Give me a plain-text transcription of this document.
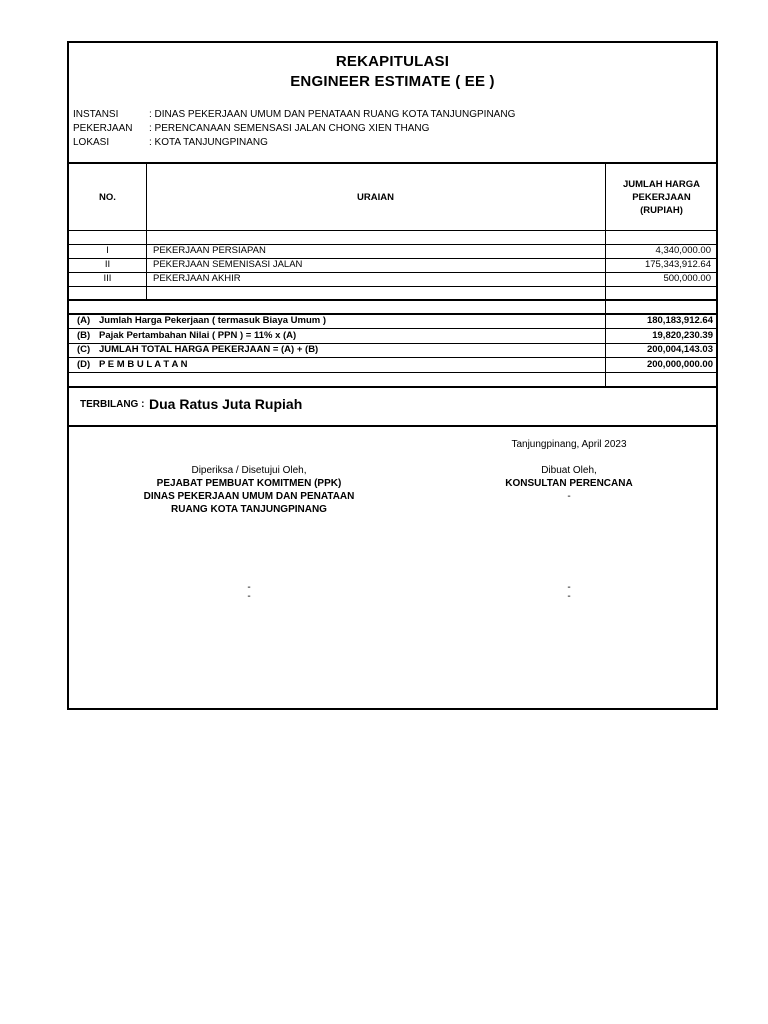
REKAPITULASI
ENGINEER ESTIMATE ( EE )
INSTANSI	: DINAS PEKERJAAN UMUM DAN PENATAAN RUANG KOTA TANJUNGPINANG
PEKERJAAN : PERENCANAAN SEMENSASI JALAN CHONG XIEN THANG
LOKASI	: KOTA TANJUNGPINANG
NO.	URAIAN
JUMLAH HARGA
PEKERJAAN
(RUPIAH)
I	PEKERJAAN PERSIAPAN	4,340,000.00
II	PEKERJAAN SEMENISASI JALAN	175,343,912.64
III	PEKERJAAN AKHIR	500,000.00
(A) Jumlah Harga Pekerjaan ( termasuk Biaya Umum )	180,183,912.64
(B) Pajak Pertambahan Nilai ( PPN ) = 11% x (A)	19,820,230.39
(C) JUMLAH TOTAL HARGA PEKERJAAN = (A) + (B)	200,004,143.03
(D) P E M B U L A T A N	200,000,000.00
TERBILANG : Dua Ratus Juta Rupiah
Tanjungpinang, April 2023
Diperiksa / Disetujui Oleh,
PEJABAT PEMBUAT KOMITMEN (PPK)
DINAS PEKERJAAN UMUM DAN PENATAAN
RUANG KOTA TANJUNGPINANG
-
-
Dibuat Oleh,
KONSULTAN PERENCANA
-
-
-
